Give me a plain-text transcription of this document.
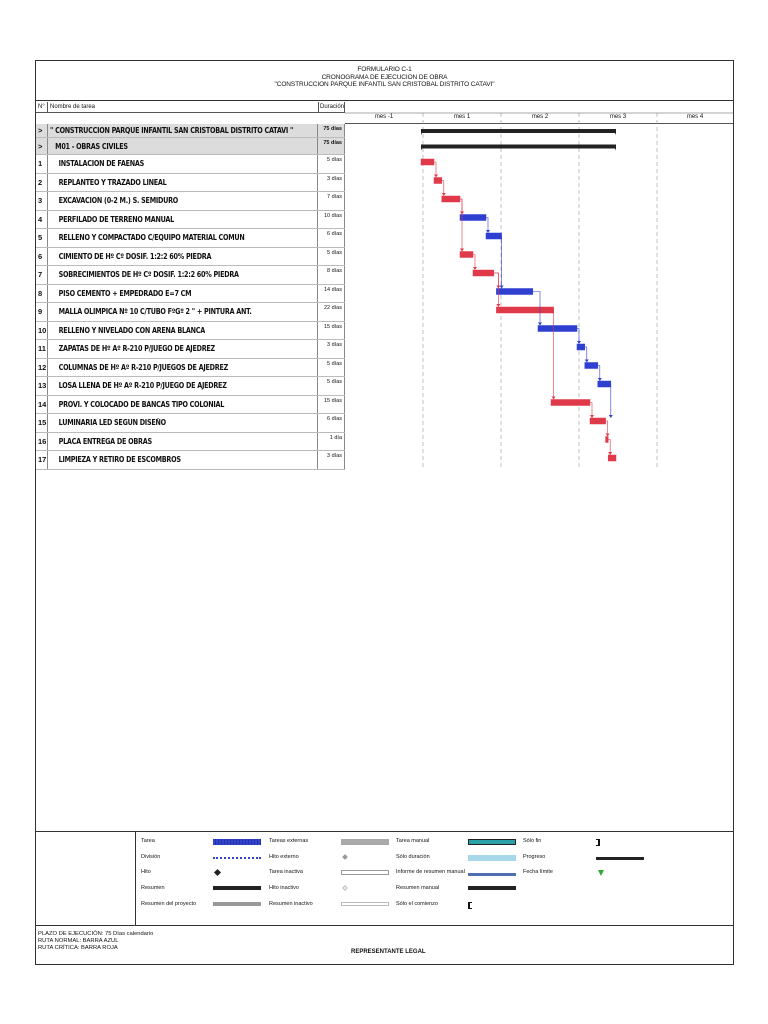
FORMULARIO C-1
CRONOGRAMA DE EJECUCION DE OBRA
"CONSTRUCCION PARQUE INFANTIL SAN CRISTOBAL DISTRITO CATAVI"
N° Nombre de tarea	Duración
mes -1	mes 1	mes 2	mes 3	mes 4
>	" CONSTRUCCION PARQUE INFANTIL SAN CRISTOBAL DISTRITO CATAVI "	75 días
>	M01 - OBRAS CIVILES	75 días
1	INSTALACION DE FAENAS	5 días
2	REPLANTEO Y TRAZADO LINEAL	3 días
3	EXCAVACION (0-2 M.) S. SEMIDURO	7 días
4	PERFILADO DE TERRENO MANUAL	10 días
5	RELLENO Y COMPACTADO C/EQUIPO MATERIAL COMUN	6 días
6	CIMIENTO DE Hº Cº DOSIF. 1:2:2 60% PIEDRA	5 días
7	SOBRECIMIENTOS DE Hº Cº DOSIF. 1:2:2 60% PIEDRA	8 días
8	PISO CEMENTO + EMPEDRADO E=7 CM	14 días
9	MALLA OLIMPICA Nº 10 C/TUBO FºGº 2 " + PINTURA ANT.	22 días
10	RELLENO Y NIVELADO CON ARENA BLANCA	15 días
11	ZAPATAS DE Hº Aº R-210 P/JUEGO DE AJEDREZ	3 días
12	COLUMNAS DE Hº Aº R-210 P/JUEGOS DE AJEDREZ	5 días
13	LOSA LLENA DE Hº Aº R-210 P/JUEGO DE AJEDREZ	5 días
14	PROVI. Y COLOCADO DE BANCAS TIPO COLONIAL	15 días
15	LUMINARIA LED SEGUN DISEÑO	6 días
16	PLACA ENTREGA DE OBRAS	1 día
17	LIMPIEZA Y RETIRO DE ESCOMBROS	3 días
Tarea
División
Hito
Resumen
Resumen del proyecto
Tareas externas
Hito externo
Tarea inactiva
Hito inactivo
Resumen inactivo
Tarea manual
Sólo duración
Informe de resumen manual
Resumen manual
Sólo el comienzo
Sólo fin
Progreso
Fecha límite
PLAZO DE EJECUCIÓN: 75 Días calendario
RUTA NORMAL: BARRA AZUL
RUTA CRÍTICA: BARRA ROJA
REPRESENTANTE LEGAL
